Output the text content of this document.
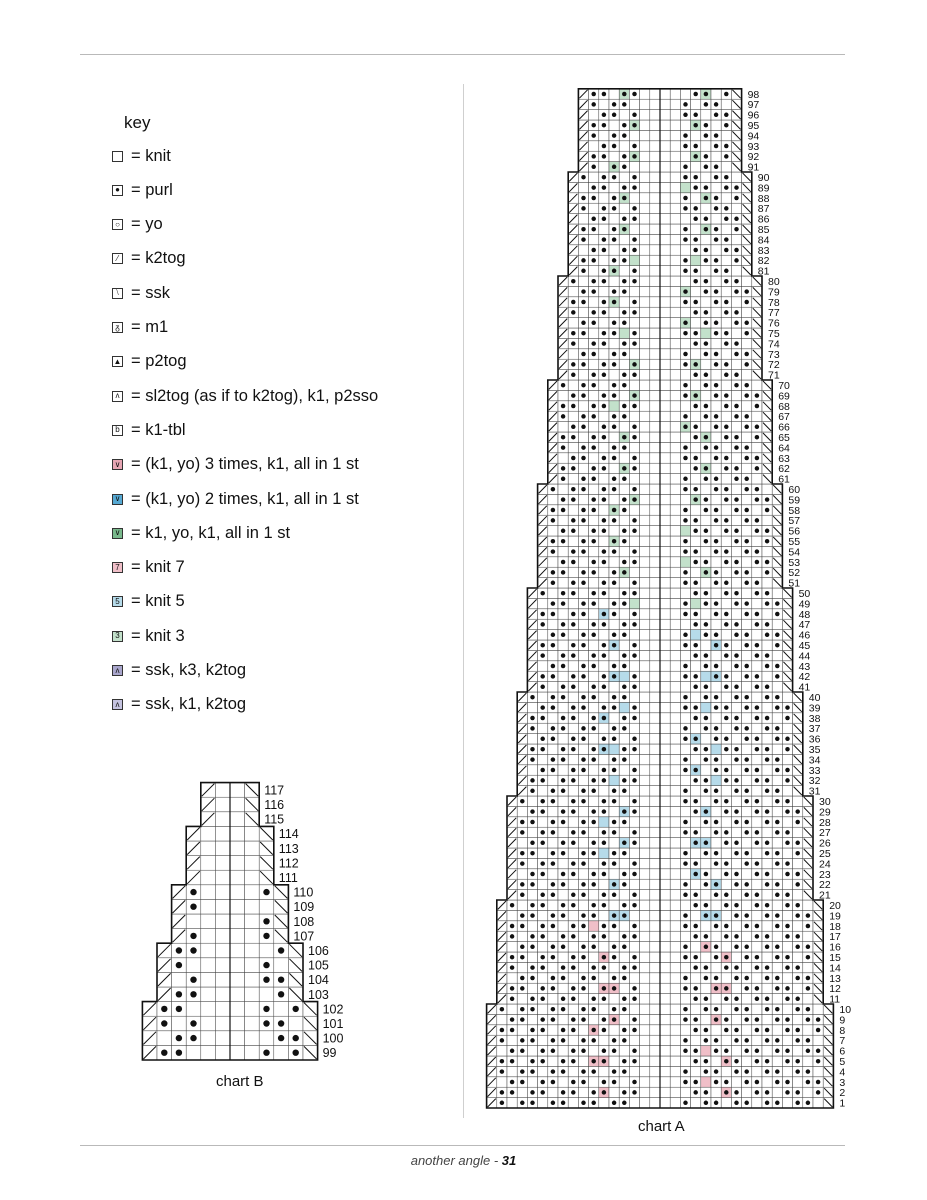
key
= knit
● = purl
○ = yo
⁄ = k2tog
⧵ = ssk
ᵹ = m1
▲ = p2tog
ʌ = sl2tog (as if to k2tog), k1, p2sso
b = k1-tbl
∨ = (k1, yo) 3 times, k1, all in 1 st
∨ = (k1, yo) 2 times, k1, all in 1 st
∨ = k1, yo, k1, all in 1 st
7 = knit 7
5 = knit 5
3 = knit 3
ʌ = ssk, k3, k2tog
ʌ = ssk, k1, k2tog
99
100
101
102
103
104
105
106
107
108
109
110
111
112
113
114
115
116
117
chart B
1
2
3
4
5
6
7
8
9
10
11
12
13
14
15
16
17
18
19
20
21
22
23
24
25
26
27
28
29
30
31
32
33
34
35
36
37
38
39
40
41
42
43
44
45
46
47
48
49
50
51
52
53
54
55
56
57
58
59
60
61
62
63
64
65
66
67
68
69
70
71
72
73
74
75
76
77
78
79
80
81
82
83
84
85
86
87
88
89
90
91
92
93
94
95
96
97
98
chart A
another angle - 31
